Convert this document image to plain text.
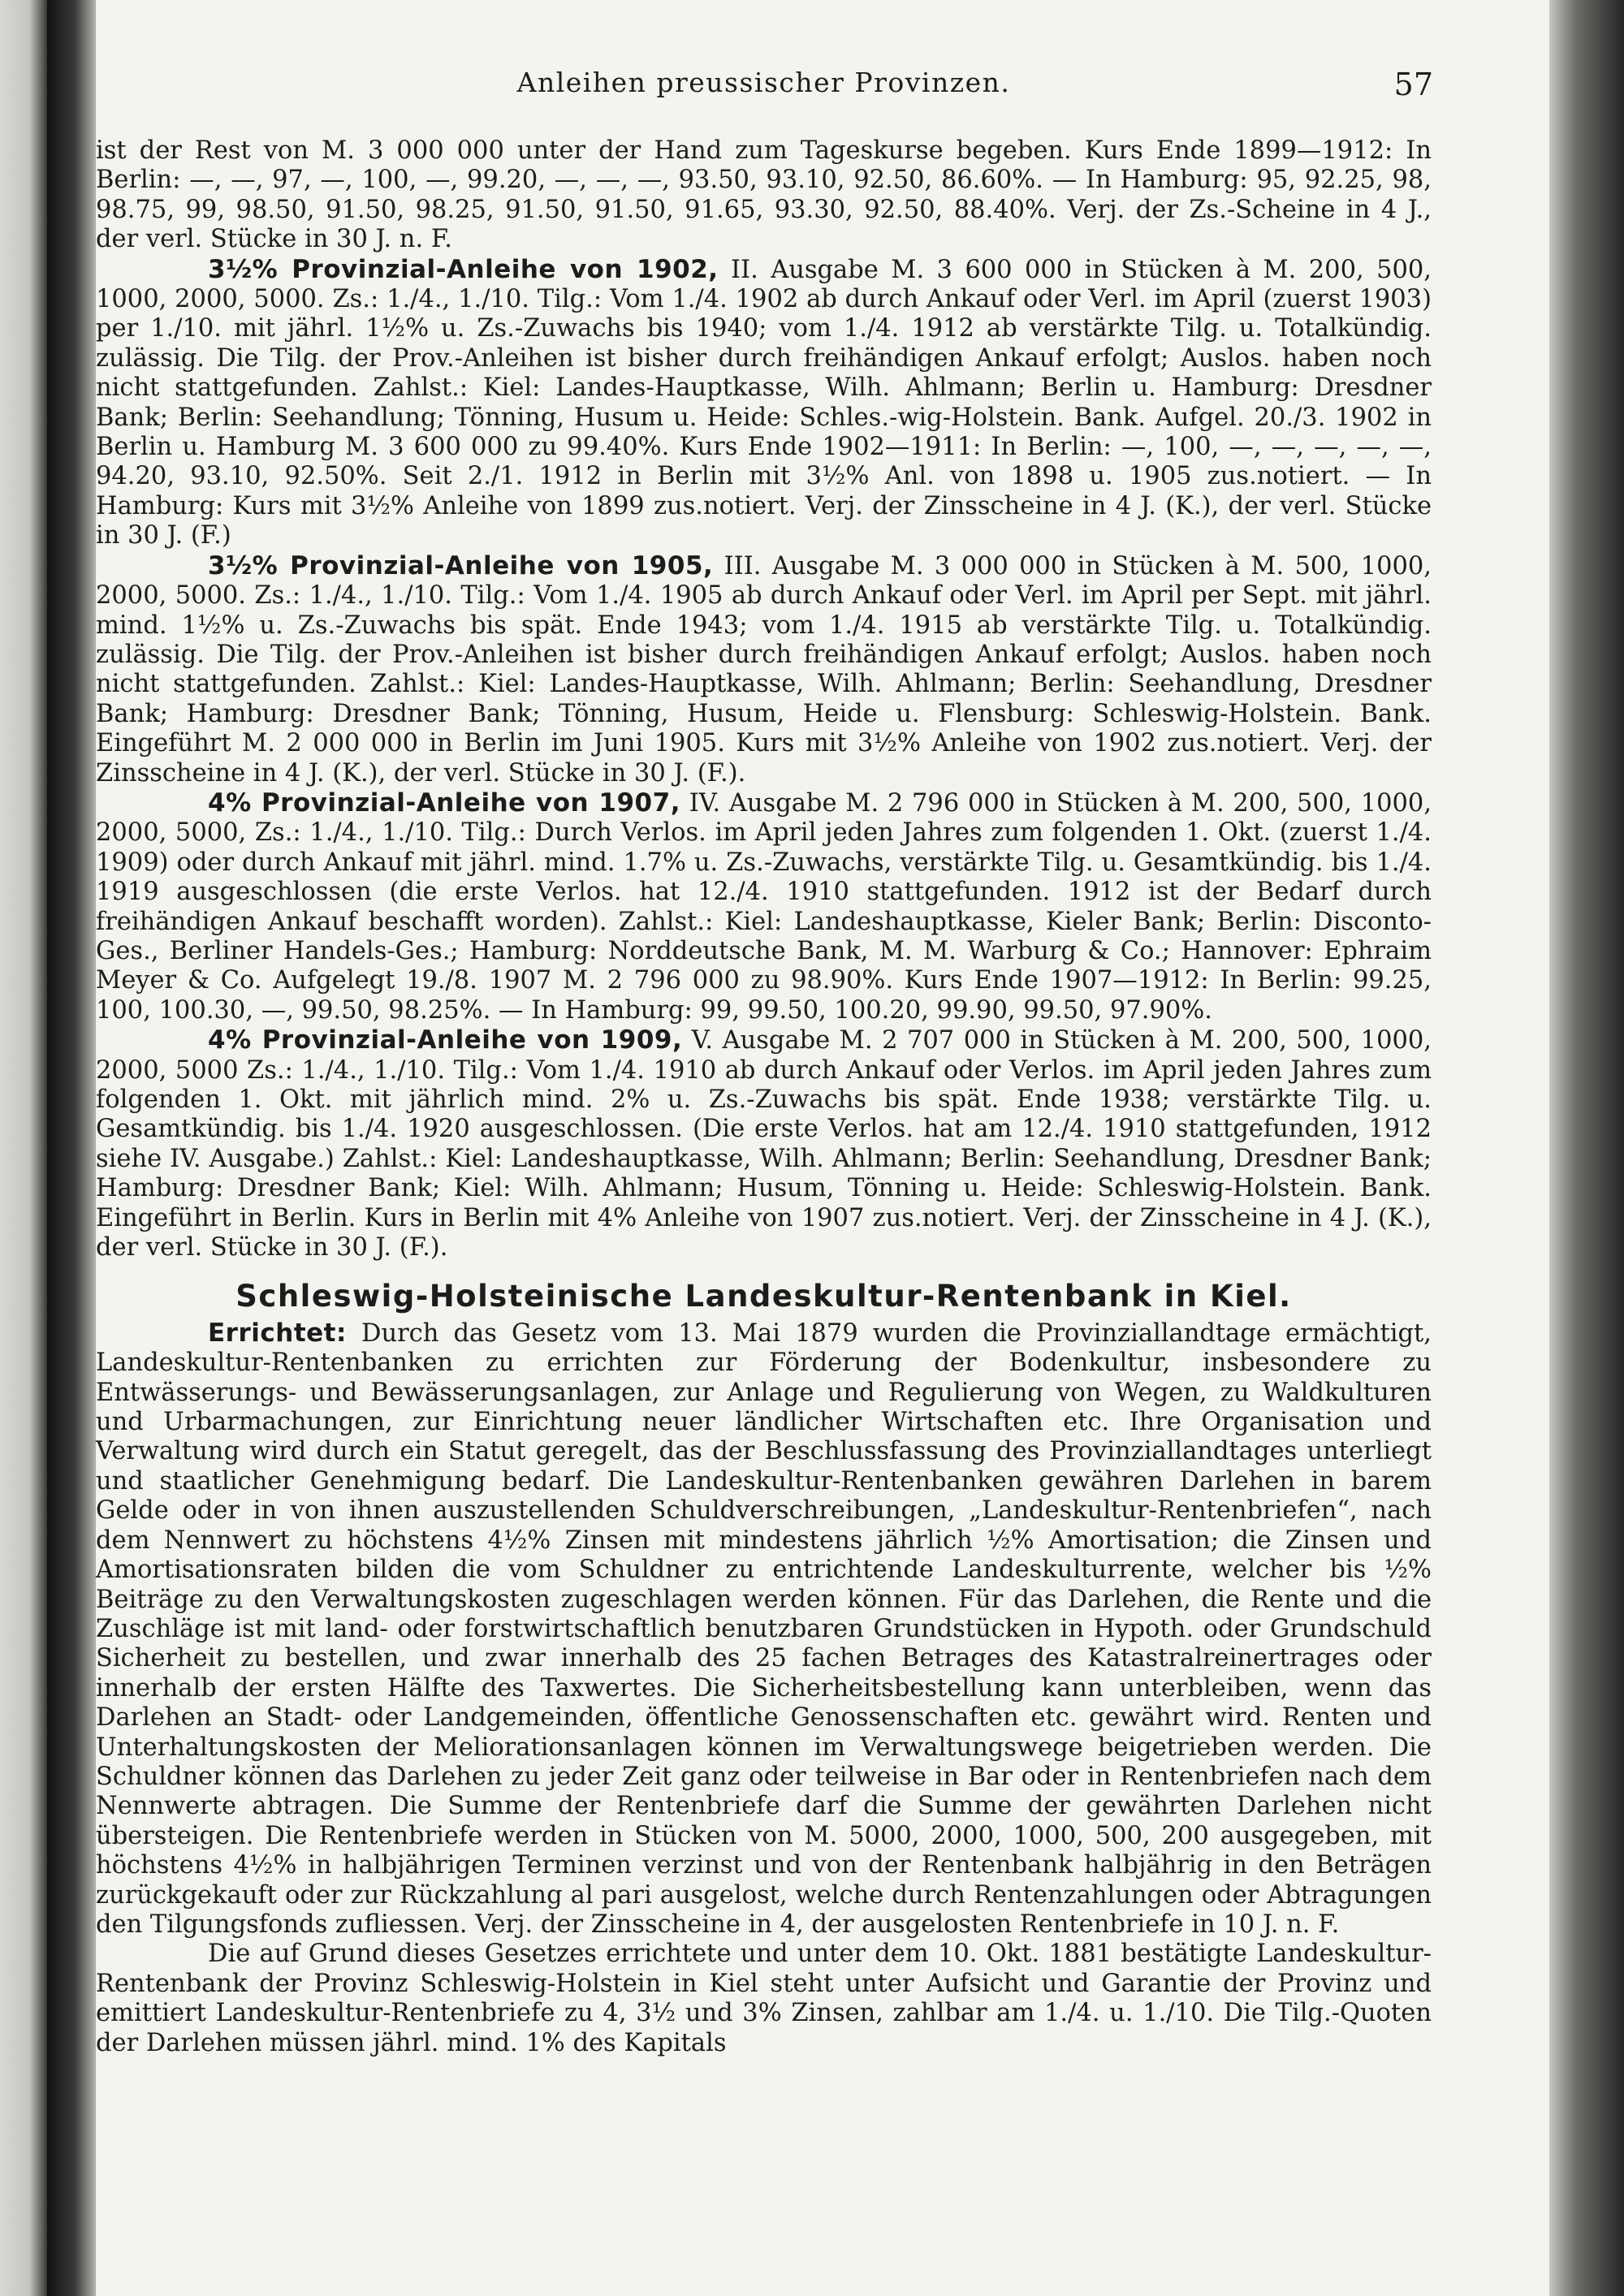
Anleihen preussischer Provinzen.	57

ist der Rest von M. 3 000 000 unter der Hand zum Tageskurse begeben. Kurs Ende 1899—1912: In Berlin: —, —, 97, —, 100, —, 99.20, —, —, —, 93.50, 93.10, 92.50, 86.60%. — In Hamburg: 95, 92.25, 98, 98.75, 99, 98.50, 91.50, 98.25, 91.50, 91.50, 91.65, 93.30, 92.50, 88.40%. Verj. der Zs.-Scheine in 4 J., der verl. Stücke in 30 J. n. F.

3½% Provinzial-Anleihe von 1902, II. Ausgabe M. 3 600 000 in Stücken à M. 200, 500, 1000, 2000, 5000. Zs.: 1./4., 1./10. Tilg.: Vom 1./4. 1902 ab durch Ankauf oder Verl. im April (zuerst 1903) per 1./10. mit jährl. 1½% u. Zs.-Zuwachs bis 1940; vom 1./4. 1912 ab verstärkte Tilg. u. Totalkündig. zulässig. Die Tilg. der Prov.-Anleihen ist bisher durch freihändigen Ankauf erfolgt; Auslos. haben noch nicht stattgefunden. Zahlst.: Kiel: Landes-Hauptkasse, Wilh. Ahlmann; Berlin u. Hamburg: Dresdner Bank; Berlin: Seehandlung; Tönning, Husum u. Heide: Schles.-wig-Holstein. Bank. Aufgel. 20./3. 1902 in Berlin u. Hamburg M. 3 600 000 zu 99.40%. Kurs Ende 1902—1911: In Berlin: —, 100, —, —, —, —, —, 94.20, 93.10, 92.50%. Seit 2./1. 1912 in Berlin mit 3½% Anl. von 1898 u. 1905 zus.notiert. — In Hamburg: Kurs mit 3½% Anleihe von 1899 zus.notiert. Verj. der Zinsscheine in 4 J. (K.), der verl. Stücke in 30 J. (F.)

3½% Provinzial-Anleihe von 1905, III. Ausgabe M. 3 000 000 in Stücken à M. 500, 1000, 2000, 5000. Zs.: 1./4., 1./10. Tilg.: Vom 1./4. 1905 ab durch Ankauf oder Verl. im April per Sept. mit jährl. mind. 1½% u. Zs.-Zuwachs bis spät. Ende 1943; vom 1./4. 1915 ab verstärkte Tilg. u. Totalkündig. zulässig. Die Tilg. der Prov.-Anleihen ist bisher durch freihändigen Ankauf erfolgt; Auslos. haben noch nicht stattgefunden. Zahlst.: Kiel: Landes-Hauptkasse, Wilh. Ahlmann; Berlin: Seehandlung, Dresdner Bank; Hamburg: Dresdner Bank; Tönning, Husum, Heide u. Flensburg: Schleswig-Holstein. Bank. Eingeführt M. 2 000 000 in Berlin im Juni 1905. Kurs mit 3½% Anleihe von 1902 zus.notiert. Verj. der Zinsscheine in 4 J. (K.), der verl. Stücke in 30 J. (F.).

4% Provinzial-Anleihe von 1907, IV. Ausgabe M. 2 796 000 in Stücken à M. 200, 500, 1000, 2000, 5000, Zs.: 1./4., 1./10. Tilg.: Durch Verlos. im April jeden Jahres zum folgenden 1. Okt. (zuerst 1./4. 1909) oder durch Ankauf mit jährl. mind. 1.7% u. Zs.-Zuwachs, verstärkte Tilg. u. Gesamtkündig. bis 1./4. 1919 ausgeschlossen (die erste Verlos. hat 12./4. 1910 stattgefunden. 1912 ist der Bedarf durch freihändigen Ankauf beschafft worden). Zahlst.: Kiel: Landeshauptkasse, Kieler Bank; Berlin: Disconto-Ges., Berliner Handels-Ges.; Hamburg: Norddeutsche Bank, M. M. Warburg & Co.; Hannover: Ephraim Meyer & Co. Aufgelegt 19./8. 1907 M. 2 796 000 zu 98.90%. Kurs Ende 1907—1912: In Berlin: 99.25, 100, 100.30, —, 99.50, 98.25%. — In Hamburg: 99, 99.50, 100.20, 99.90, 99.50, 97.90%.

4% Provinzial-Anleihe von 1909, V. Ausgabe M. 2 707 000 in Stücken à M. 200, 500, 1000, 2000, 5000 Zs.: 1./4., 1./10. Tilg.: Vom 1./4. 1910 ab durch Ankauf oder Verlos. im April jeden Jahres zum folgenden 1. Okt. mit jährlich mind. 2% u. Zs.-Zuwachs bis spät. Ende 1938; verstärkte Tilg. u. Gesamtkündig. bis 1./4. 1920 ausgeschlossen. (Die erste Verlos. hat am 12./4. 1910 stattgefunden, 1912 siehe IV. Ausgabe.) Zahlst.: Kiel: Landeshauptkasse, Wilh. Ahlmann; Berlin: Seehandlung, Dresdner Bank; Hamburg: Dresdner Bank; Kiel: Wilh. Ahlmann; Husum, Tönning u. Heide: Schleswig-Holstein. Bank. Eingeführt in Berlin. Kurs in Berlin mit 4% Anleihe von 1907 zus.notiert. Verj. der Zinsscheine in 4 J. (K.), der verl. Stücke in 30 J. (F.).

Schleswig-Holsteinische Landeskultur-Rentenbank in Kiel.

Errichtet: Durch das Gesetz vom 13. Mai 1879 wurden die Provinziallandtage ermächtigt, Landeskultur-Rentenbanken zu errichten zur Förderung der Bodenkultur, insbesondere zu Entwässerungs- und Bewässerungsanlagen, zur Anlage und Regulierung von Wegen, zu Waldkulturen und Urbarmachungen, zur Einrichtung neuer ländlicher Wirtschaften etc. Ihre Organisation und Verwaltung wird durch ein Statut geregelt, das der Beschlussfassung des Provinziallandtages unterliegt und staatlicher Genehmigung bedarf. Die Landeskultur-Rentenbanken gewähren Darlehen in barem Gelde oder in von ihnen auszustellenden Schuldverschreibungen, „Landeskultur-Rentenbriefen“, nach dem Nennwert zu höchstens 4½% Zinsen mit mindestens jährlich ½% Amortisation; die Zinsen und Amortisationsraten bilden die vom Schuldner zu entrichtende Landeskulturrente, welcher bis ½% Beiträge zu den Verwaltungskosten zugeschlagen werden können. Für das Darlehen, die Rente und die Zuschläge ist mit land- oder forstwirtschaftlich benutzbaren Grundstücken in Hypoth. oder Grundschuld Sicherheit zu bestellen, und zwar innerhalb des 25 fachen Betrages des Katastralreinertrages oder innerhalb der ersten Hälfte des Taxwertes. Die Sicherheitsbestellung kann unterbleiben, wenn das Darlehen an Stadt- oder Landgemeinden, öffentliche Genossenschaften etc. gewährt wird. Renten und Unterhaltungskosten der Meliorationsanlagen können im Verwaltungswege beigetrieben werden. Die Schuldner können das Darlehen zu jeder Zeit ganz oder teilweise in Bar oder in Rentenbriefen nach dem Nennwerte abtragen. Die Summe der Rentenbriefe darf die Summe der gewährten Darlehen nicht übersteigen. Die Rentenbriefe werden in Stücken von M. 5000, 2000, 1000, 500, 200 ausgegeben, mit höchstens 4½% in halbjährigen Terminen verzinst und von der Rentenbank halbjährig in den Beträgen zurückgekauft oder zur Rückzahlung al pari ausgelost, welche durch Rentenzahlungen oder Abtragungen den Tilgungsfonds zufliessen. Verj. der Zinsscheine in 4, der ausgelosten Rentenbriefe in 10 J. n. F.

Die auf Grund dieses Gesetzes errichtete und unter dem 10. Okt. 1881 bestätigte Landeskultur-Rentenbank der Provinz Schleswig-Holstein in Kiel steht unter Aufsicht und Garantie der Provinz und emittiert Landeskultur-Rentenbriefe zu 4, 3½ und 3% Zinsen, zahlbar am 1./4. u. 1./10. Die Tilg.-Quoten der Darlehen müssen jährl. mind. 1% des Kapitals
